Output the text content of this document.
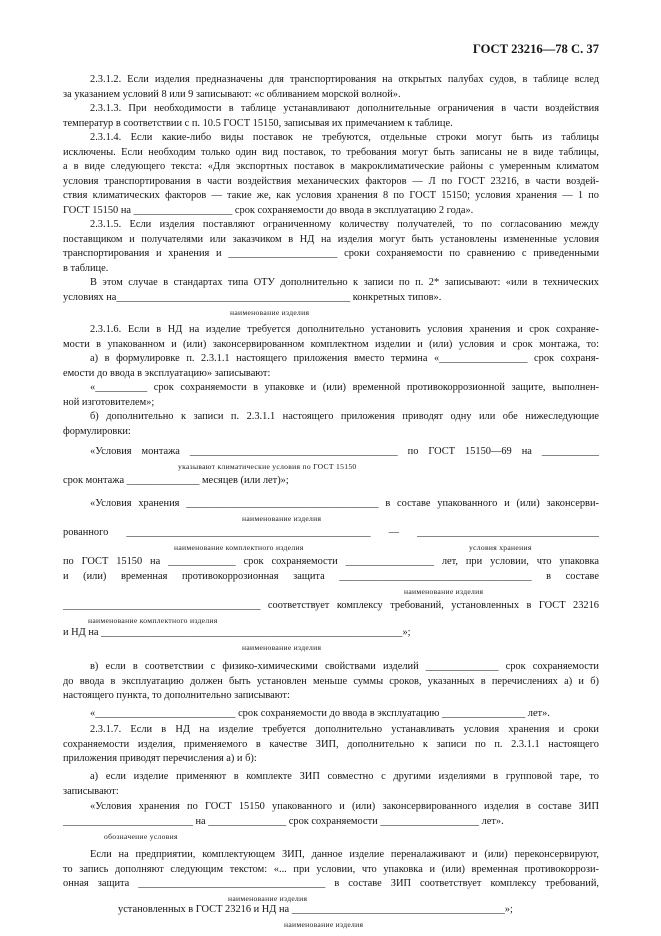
ГОСТ 23216—78 С. 37
2.3.1.2. Если изделия предназначены для транспортирования на открытых палубах судов, в таблице вслед
за указанием условий 8 или 9 записывают: «с обливанием морской волной».
2.3.1.3. При необходимости в таблице устанавливают дополнительные ограничения в части воздействия
температур в соответствии с п. 10.5 ГОСТ 15150, записывая их примечанием к таблице.
2.3.1.4. Если какие-либо виды поставок не требуются, отдельные строки могут быть из таблицы
исключены. Если необходим только один вид поставок, то требования могут быть записаны не в виде таблицы,
а в виде следующего текста: «Для экспортных поставок в макроклиматические районы с умеренным климатом
условия транспортирования в части воздействия механических факторов — Л по ГОСТ 23216, в части воздей-
ствия климатических факторов — такие же, как условия хранения 8 по ГОСТ 15150; условия хранения — 1 по
ГОСТ 15150 на ___________________ срок сохраняемости до ввода в эксплуатацию 2 года».
2.3.1.5. Если изделия поставляют ограниченному количеству получателей, то по согласованию между
поставщиком и получателями или заказчиком в НД на изделия могут быть установлены измененные условия
транспортирования и хранения и _____________________ сроки сохраняемости по сравнению с приведенными
в таблице.
В этом случае в стандартах типа ОТУ дополнительно к записи по п. 2* записывают: «или в технических
условиях на_____________________________________________ конкретных типов».
наименование изделия
2.3.1.6. Если в НД на изделие требуется дополнительно установить условия хранения и срок сохраняе-
мости в упакованном и (или) законсервированном комплектном изделии и (или) условия и срок монтажа, то:
а) в формулировке п. 2.3.1.1 настоящего приложения вместо термина «_________________ срок сохраня-
емости до ввода в эксплуатацию» записывают:
«__________ срок сохраняемости в упаковке и (или) временной противокоррозионной защите, выполнен-
ной изготовителем»;
б) дополнительно к записи п. 2.3.1.1 настоящего приложения приводят одну или обе нижеследующие
формулировки:
«Условия монтажа ________________________________________ по ГОСТ 15150—69 на ___________
указывают климатические условия по ГОСТ 15150
срок монтажа ______________ месяцев (или лет)»;
«Условия хранения _____________________________________ в составе упакованного и (или) законсерви-
наименование изделия
рованного _______________________________________________ — ___________________________________
наименование комплектного изделия	условия хранения
по ГОСТ 15150 на _____________ срок сохраняемости _________________ лет, при условии, что упаковка
и (или) временная противокоррозионная защита _____________________________________ в составе
наименование изделия
______________________________________ соответствует комплексу требований, установленных в ГОСТ 23216
наименование комплектного изделия
и НД на __________________________________________________________»;
наименование изделия
в) если в соответствии с физико-химическими свойствами изделий ______________ срок сохраняемости
до ввода в эксплуатацию должен быть установлен меньше суммы сроков, указанных в перечислениях а) и б)
настоящего пункта, то дополнительно записывают:
«___________________________ срок сохраняемости до ввода в эксплуатацию ________________ лет».
2.3.1.7. Если в НД на изделие требуется дополнительно устанавливать условия хранения и сроки
сохраняемости изделия, применяемого в качестве ЗИП, дополнительно к записи по п. 2.3.1.1 настоящего
приложения приводят перечисления а) и б):
а) если изделие применяют в комплекте ЗИП совместно с другими изделиями в групповой таре, то
записывают:
«Условия хранения по ГОСТ 15150 упакованного и (или) законсервированного изделия в составе ЗИП
_________________________ на _______________ срок сохраняемости ___________________ лет».
обозначение условия
Если на предприятии, комплектующем ЗИП, данное изделие переналаживают и (или) переконсервируют,
то запись дополняют следующим текстом: «... при условии, что упаковка и (или) временная противокоррози-
онная защита ____________________________________ в составе ЗИП соответствует комплексу требований,
наименование изделия
установленных в ГОСТ 23216 и НД на _________________________________________»;
наименование изделия
